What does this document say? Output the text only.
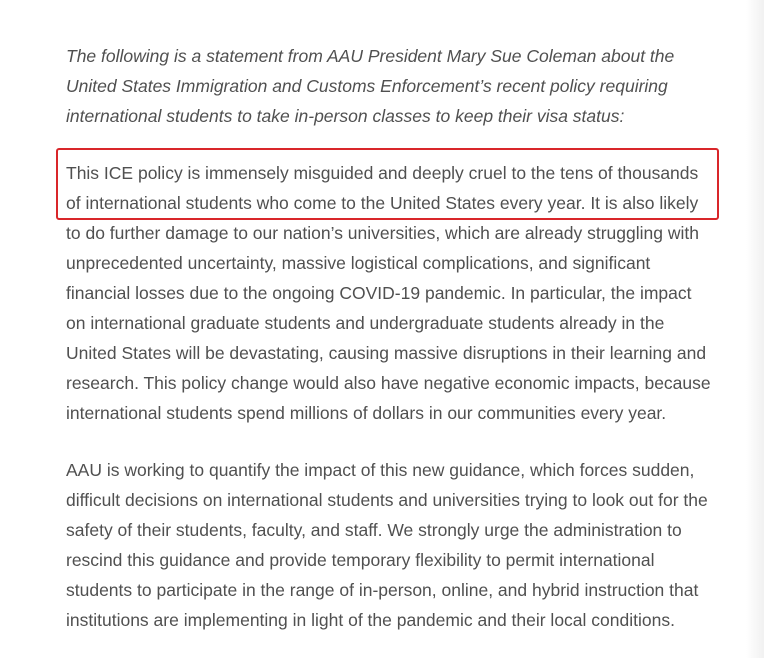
The following is a statement from AAU President Mary Sue Coleman about the
United States Immigration and Customs Enforcement’s recent policy requiring
international students to take in-person classes to keep their visa status:

This ICE policy is immensely misguided and deeply cruel to the tens of thousands
of international students who come to the United States every year. It is also likely
to do further damage to our nation’s universities, which are already struggling with
unprecedented uncertainty, massive logistical complications, and significant
financial losses due to the ongoing COVID-19 pandemic. In particular, the impact
on international graduate students and undergraduate students already in the
United States will be devastating, causing massive disruptions in their learning and
research. This policy change would also have negative economic impacts, because
international students spend millions of dollars in our communities every year.

AAU is working to quantify the impact of this new guidance, which forces sudden,
difficult decisions on international students and universities trying to look out for the
safety of their students, faculty, and staff. We strongly urge the administration to
rescind this guidance and provide temporary flexibility to permit international
students to participate in the range of in-person, online, and hybrid instruction that
institutions are implementing in light of the pandemic and their local conditions.
